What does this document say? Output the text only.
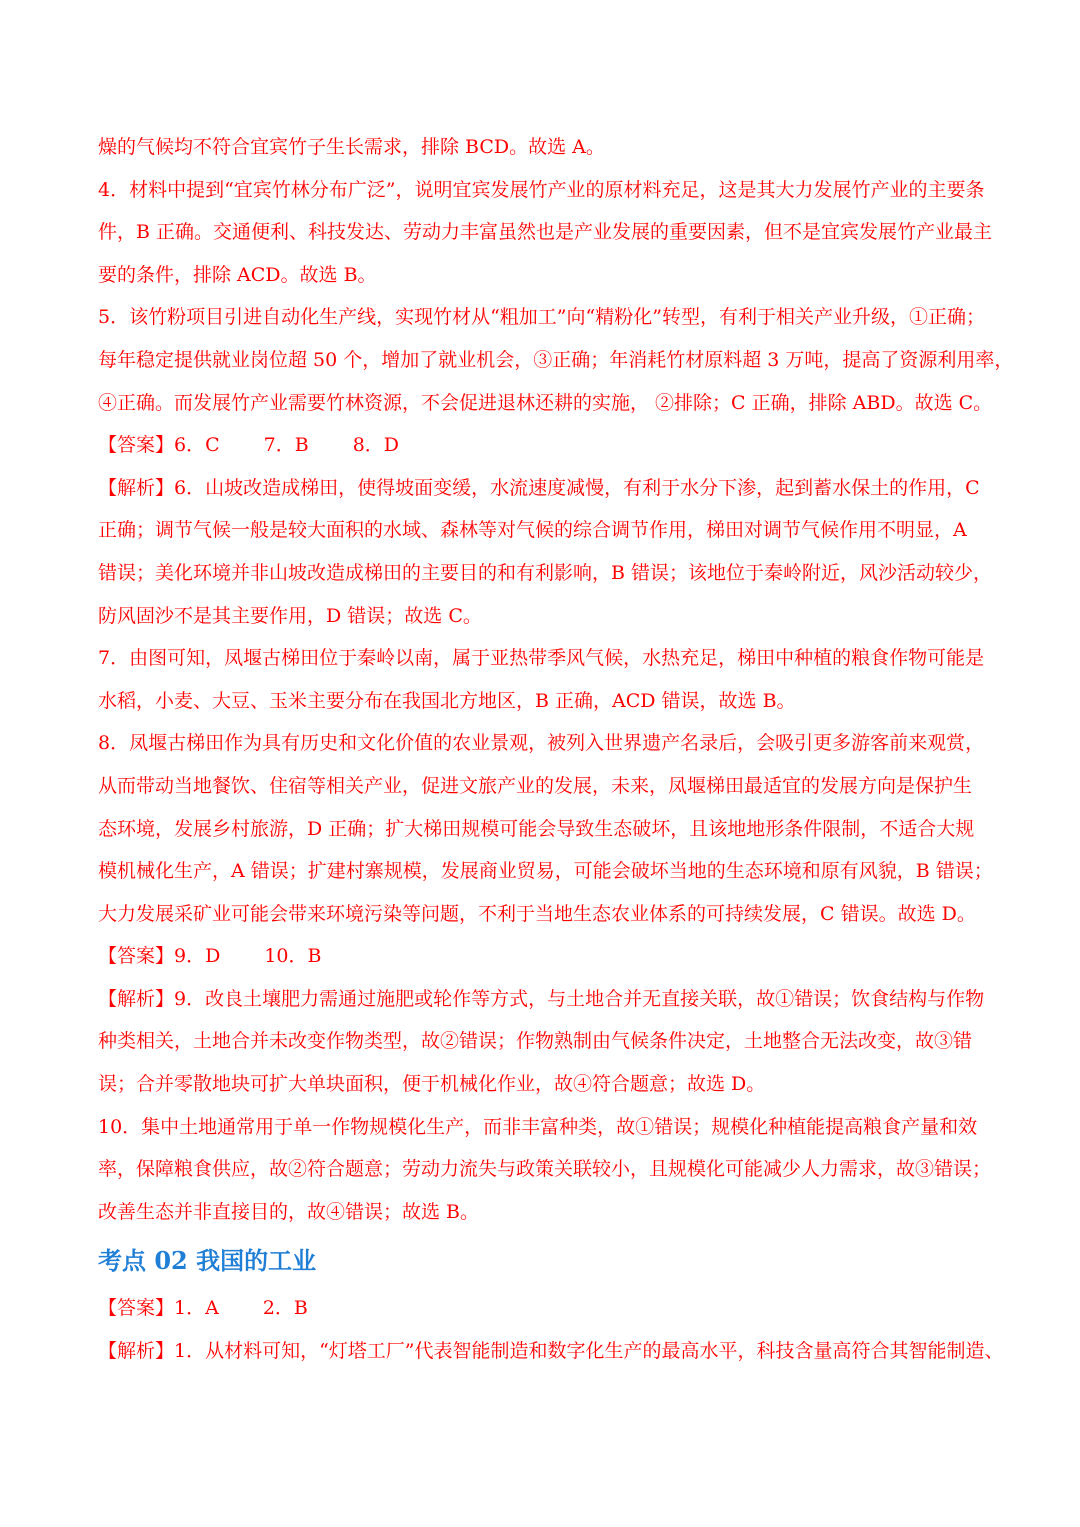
燥的气候均不符合宜宾竹子生长需求，排除 BCD。故选 A。
4．材料中提到“宜宾竹林分布广泛”，说明宜宾发展竹产业的原材料充足，这是其大力发展竹产业的主要条
件，B 正确。交通便利、科技发达、劳动力丰富虽然也是产业发展的重要因素，但不是宜宾发展竹产业最主
要的条件，排除 ACD。故选 B。
5．该竹粉项目引进自动化生产线，实现竹材从“粗加工”向“精粉化”转型，有利于相关产业升级，①正确；
每年稳定提供就业岗位超 50 个，增加了就业机会，③正确；年消耗竹材原料超 3 万吨，提高了资源利用率，
④正确。而发展竹产业需要竹林资源，不会促进退林还耕的实施， ②排除；C 正确，排除 ABD。故选 C。
【答案】6．C 7．B 8．D
【解析】6．山坡改造成梯田，使得坡面变缓，水流速度减慢，有利于水分下渗，起到蓄水保土的作用，C
正确；调节气候一般是较大面积的水域、森林等对气候的综合调节作用，梯田对调节气候作用不明显，A
错误；美化环境并非山坡改造成梯田的主要目的和有利影响，B 错误；该地位于秦岭附近，风沙活动较少，
防风固沙不是其主要作用，D 错误；故选 C。
7．由图可知，凤堰古梯田位于秦岭以南，属于亚热带季风气候，水热充足，梯田中种植的粮食作物可能是
水稻，小麦、大豆、玉米主要分布在我国北方地区，B 正确，ACD 错误，故选 B。
8．凤堰古梯田作为具有历史和文化价值的农业景观，被列入世界遗产名录后，会吸引更多游客前来观赏，
从而带动当地餐饮、住宿等相关产业，促进文旅产业的发展，未来，凤堰梯田最适宜的发展方向是保护生
态环境，发展乡村旅游，D 正确；扩大梯田规模可能会导致生态破坏，且该地地形条件限制，不适合大规
模机械化生产，A 错误；扩建村寨规模，发展商业贸易，可能会破坏当地的生态环境和原有风貌，B 错误；
大力发展采矿业可能会带来环境污染等问题，不利于当地生态农业体系的可持续发展，C 错误。故选 D。
【答案】9．D 10．B
【解析】9．改良土壤肥力需通过施肥或轮作等方式，与土地合并无直接关联，故①错误；饮食结构与作物
种类相关，土地合并未改变作物类型，故②错误；作物熟制由气候条件决定，土地整合无法改变，故③错
误；合并零散地块可扩大单块面积，便于机械化作业，故④符合题意；故选 D。
10．集中土地通常用于单一作物规模化生产，而非丰富种类，故①错误；规模化种植能提高粮食产量和效
率，保障粮食供应，故②符合题意；劳动力流失与政策关联较小，且规模化可能减少人力需求，故③错误；
改善生态并非直接目的，故④错误；故选 B。
考点 02 我国的工业
【答案】1．A 2．B
【解析】1．从材料可知，“灯塔工厂”代表智能制造和数字化生产的最高水平，科技含量高符合其智能制造、
